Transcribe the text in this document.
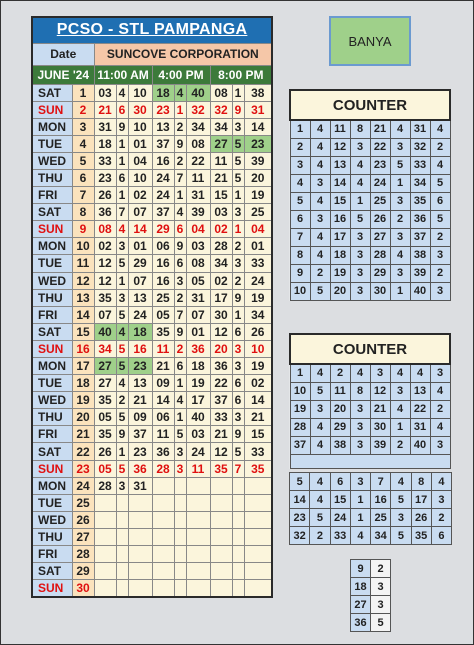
PCSO - STL PAMPANGA										
Date		SUNCOVE CORPORATION								
JUNE '24		11:00 AM			4:00 PM			8:00 PM		
SAT	1	03	4	10	18	4	40	08	1	38
SUN	2	21	6	30	23	1	32	32	9	31
MON	3	31	9	10	13	2	34	34	3	14
TUE	4	18	1	01	37	9	08	27	5	23
WED	5	33	1	04	16	2	22	11	5	39
THU	6	23	6	10	24	7	11	21	5	20
FRI	7	26	1	02	24	1	31	15	1	19
SAT	8	36	7	07	37	4	39	03	3	25
SUN	9	08	4	14	29	6	04	02	1	04
MON	10	02	3	01	06	9	03	28	2	01
TUE	11	12	5	29	16	6	08	34	3	33
WED	12	12	1	07	16	3	05	02	2	24
THU	13	35	3	13	25	2	31	17	9	19
FRI	14	07	5	24	05	7	07	30	1	34
SAT	15	40	4	18	35	9	01	12	6	26
SUN	16	34	5	16	11	2	36	20	3	10
MON	17	27	5	23	21	6	18	36	3	19
TUE	18	27	4	13	09	1	19	22	6	02
WED	19	35	2	21	14	4	17	37	6	14
THU	20	05	5	09	06	1	40	33	3	21
FRI	21	35	9	37	11	5	03	21	9	15
SAT	22	26	1	23	36	3	24	12	5	33
SUN	23	05	5	36	28	3	11	35	7	35
MON	24	28	3	31						
TUE	25									
WED	26									
THU	27									
FRI	28									
SAT	29									
SUN	30									
BANYA
COUNTER							
1	4	11	8	21	4	31	4
2	4	12	3	22	3	32	2
3	4	13	4	23	5	33	4
4	3	14	4	24	1	34	5
5	4	15	1	25	3	35	6
6	3	16	5	26	2	36	5
7	4	17	3	27	3	37	2
8	4	18	3	28	4	38	3
9	2	19	3	29	3	39	2
10	5	20	3	30	1	40	3
COUNTER							
1	4	2	4	3	4	4	3
10	5	11	8	12	3	13	4
19	3	20	3	21	4	22	2
28	4	29	3	30	1	31	4
37	4	38	3	39	2	40	3

5	4	6	3	7	4	8	4
14	4	15	1	16	5	17	3
23	5	24	1	25	3	26	2
32	2	33	4	34	5	35	6
9	2
18	3
27	3
36	5
